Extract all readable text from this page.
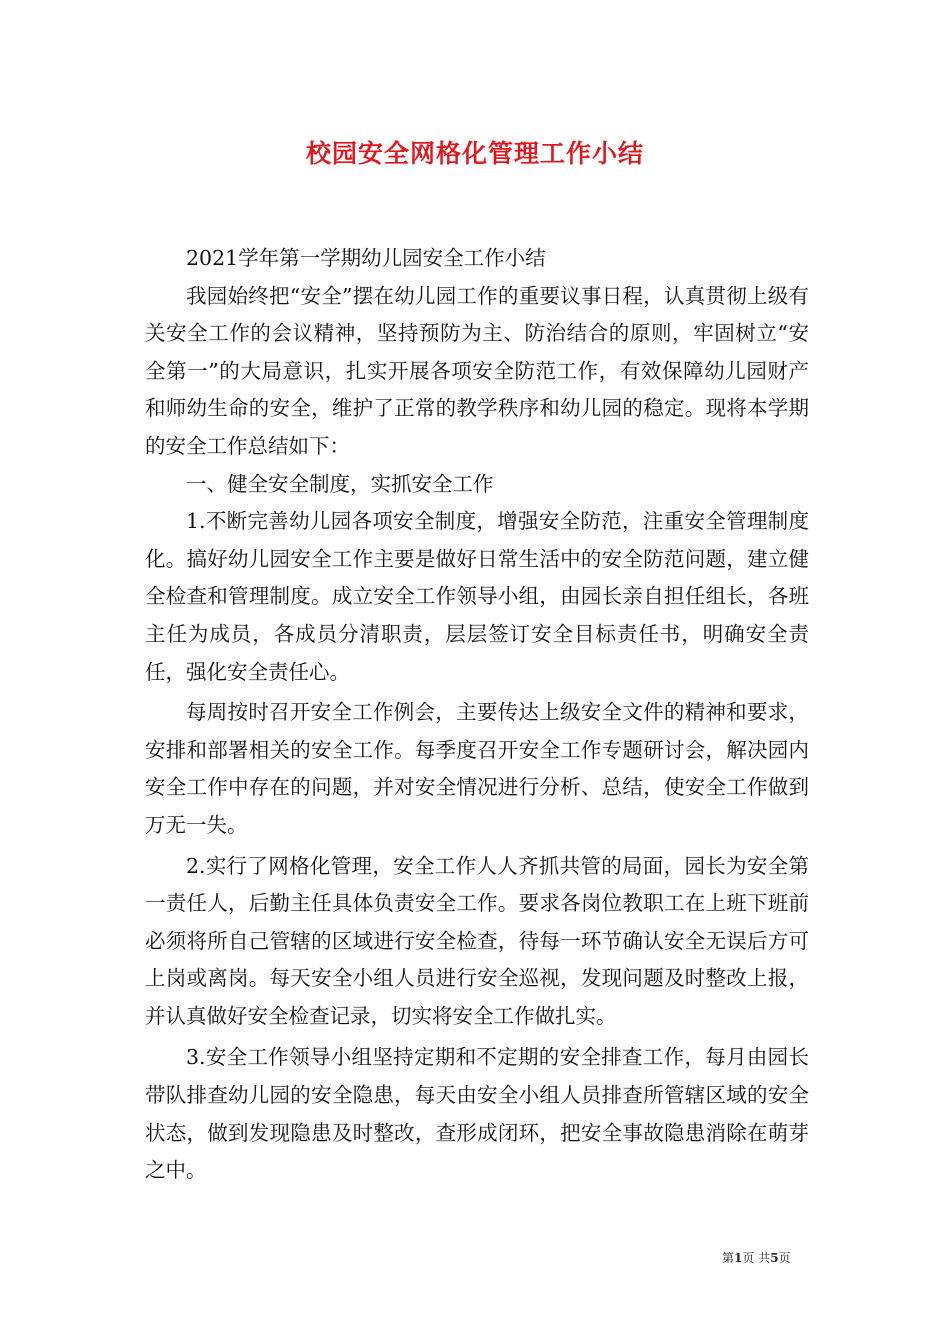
校园安全网格化管理工作小结

2021学年第一学期幼儿园安全工作小结

我园始终把“安全”摆在幼儿园工作的重要议事日程，认真贯彻上级有关安全工作的会议精神，坚持预防为主、防治结合的原则，牢固树立“安全第一”的大局意识，扎实开展各项安全防范工作，有效保障幼儿园财产和师幼生命的安全，维护了正常的教学秩序和幼儿园的稳定。现将本学期的安全工作总结如下：

一、健全安全制度，实抓安全工作

1.不断完善幼儿园各项安全制度，增强安全防范，注重安全管理制度化。搞好幼儿园安全工作主要是做好日常生活中的安全防范问题，建立健全检查和管理制度。成立安全工作领导小组，由园长亲自担任组长，各班主任为成员，各成员分清职责，层层签订安全目标责任书，明确安全责任，强化安全责任心。

每周按时召开安全工作例会，主要传达上级安全文件的精神和要求，安排和部署相关的安全工作。每季度召开安全工作专题研讨会，解决园内安全工作中存在的问题，并对安全情况进行分析、总结，使安全工作做到万无一失。

2.实行了网格化管理，安全工作人人齐抓共管的局面，园长为安全第一责任人，后勤主任具体负责安全工作。要求各岗位教职工在上班下班前必须将所自己管辖的区域进行安全检查，待每一环节确认安全无误后方可上岗或离岗。每天安全小组人员进行安全巡视，发现问题及时整改上报，并认真做好安全检查记录，切实将安全工作做扎实。

3.安全工作领导小组坚持定期和不定期的安全排查工作，每月由园长带队排查幼儿园的安全隐患，每天由安全小组人员排查所管辖区域的安全状态，做到发现隐患及时整改，查形成闭环，把安全事故隐患消除在萌芽之中。

第1页 共5页
